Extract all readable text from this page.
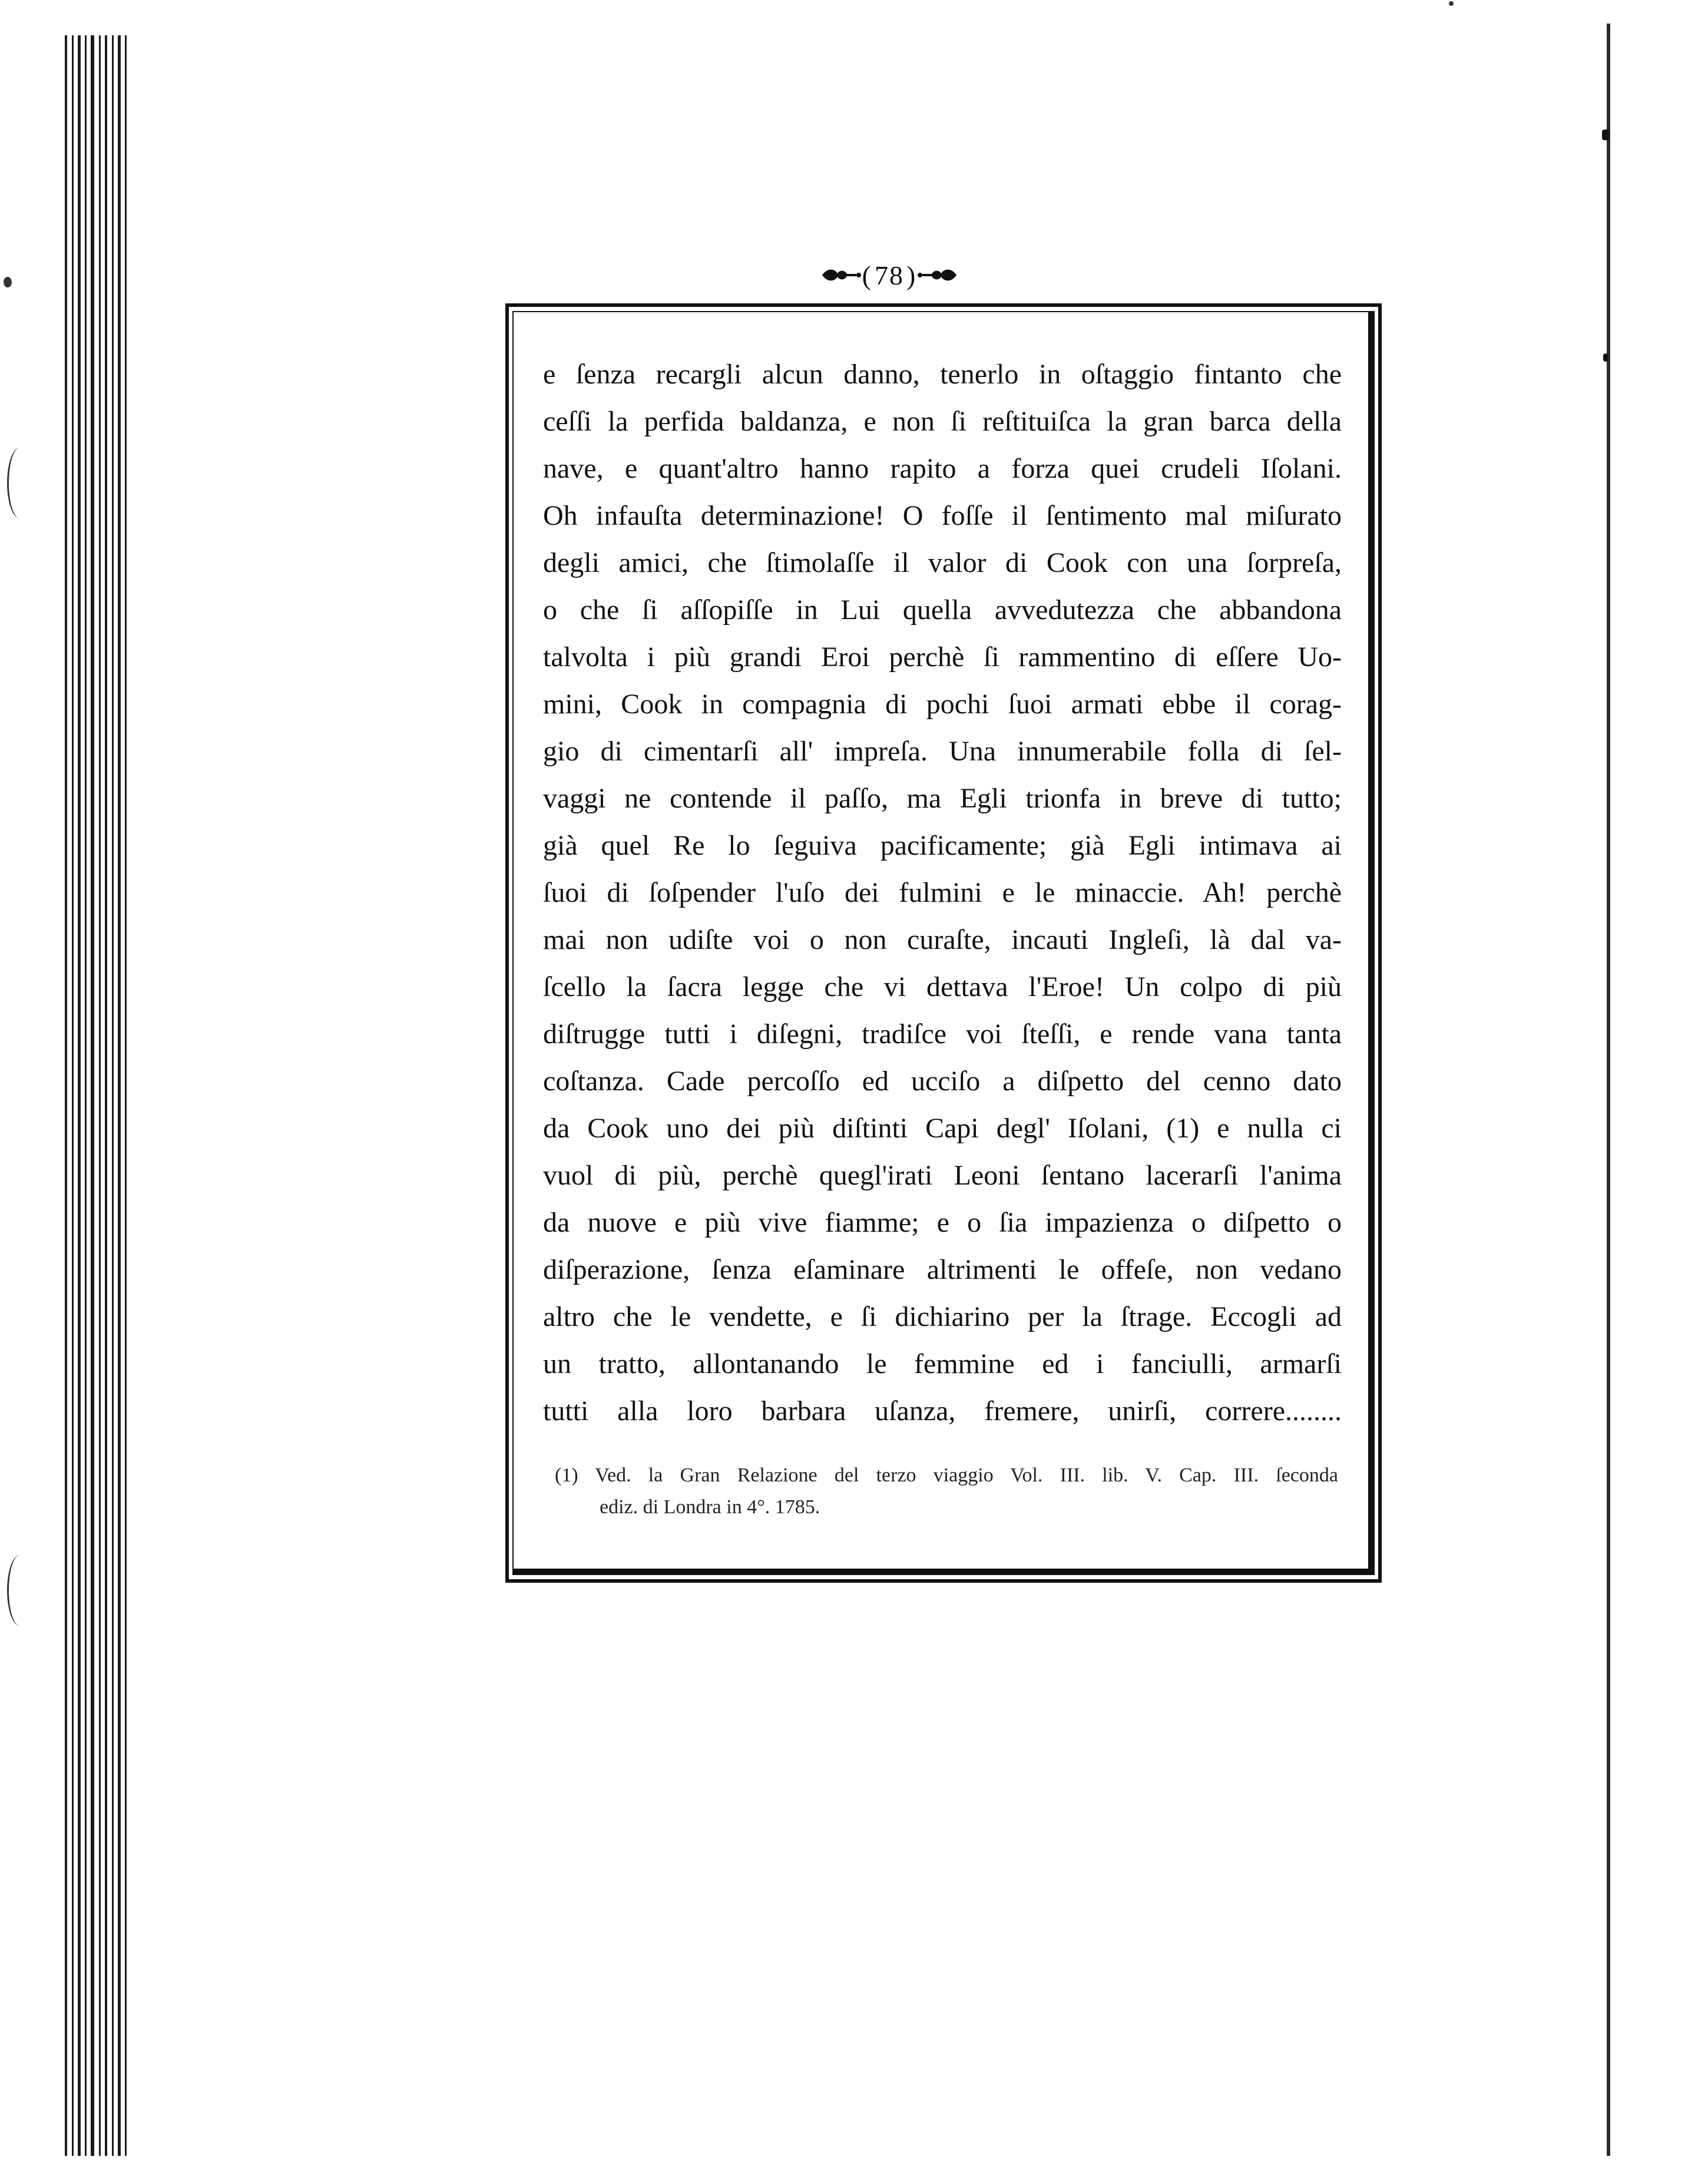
( 78 )
e ſenza recargli alcun danno, tenerlo in oſtaggio fintanto che
ceſſi la perfida baldanza, e non ſi reſtituiſca la gran barca della
nave, e quant'altro hanno rapito a forza quei crudeli Iſolani.
Oh infauſta determinazione! O foſſe il ſentimento mal miſurato
degli amici, che ſtimolaſſe il valor di Cook con una ſorpreſa,
o che ſi aſſopiſſe in Lui quella avvedutezza che abbandona
talvolta i più grandi Eroi perchè ſi rammentino di eſſere Uo-
mini, Cook in compagnia di pochi ſuoi armati ebbe il corag-
gio di cimentarſi all' impreſa. Una innumerabile folla di ſel-
vaggi ne contende il paſſo, ma Egli trionfa in breve di tutto;
già quel Re lo ſeguiva pacificamente; già Egli intimava ai
ſuoi di ſoſpender l'uſo dei fulmini e le minaccie. Ah! perchè
mai non udiſte voi o non curaſte, incauti Ingleſi, là dal va-
ſcello la ſacra legge che vi dettava l'Eroe! Un colpo di più
diſtrugge tutti i diſegni, tradiſce voi ſteſſi, e rende vana tanta
coſtanza. Cade percoſſo ed ucciſo a diſpetto del cenno dato
da Cook uno dei più diſtinti Capi degl' Iſolani, (1) e nulla ci
vuol di più, perchè quegl'irati Leoni ſentano lacerarſi l'anima
da nuove e più vive fiamme; e o ſia impazienza o diſpetto o
diſperazione, ſenza eſaminare altrimenti le offeſe, non vedano
altro che le vendette, e ſi dichiarino per la ſtrage. Eccogli ad
un tratto, allontanando le femmine ed i fanciulli, armarſi
tutti alla loro barbara uſanza, fremere, unirſi, correre........
(1) Ved. la Gran Relazione del terzo viaggio Vol. III. lib. V. Cap. III. ſeconda
ediz. di Londra in 4°. 1785.
